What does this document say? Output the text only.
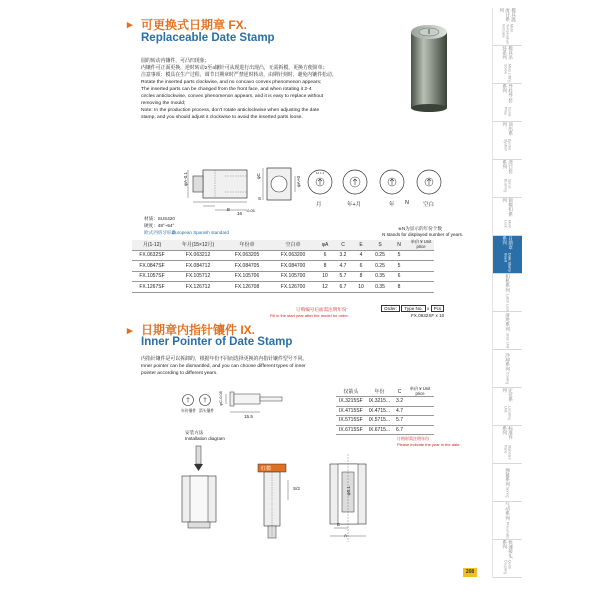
▸ 可更换式日期章 FX.
Replaceable Date Stamp
圆的转动内镶件，可凸凹现象；
内镶件可正面更换，逆时转动2至4镶针可从现进行出现凸，无需拆模，更换方便简单；
注意事项：模具在生产过程，调节日期章时严禁逆时转动，由期针刻时，避免内镶件松动。
Rotate the inserted parts clockwise, and no concavo convex phenomenon appears;
The inserted parts can be changed from the front face, and when rotating it 2-4
circles anticlockwise, convex phenomenon appears, and it is easy to replace without
removing the mould;
Note: In the production process, don't rotate anticlockwise when adjusting the date
stamp, and you should adjust it clockwise to avoid the inserted parts loose.
φA-0.1
E
S
16 -0.05
φC	φA+0
12 1 2
月	年+月	年 N	空白
材质：SUS420
硬度：48°~54°
欧式西班牙标准
European Spanish standard
※N为显示的年份个数
N stands for displayed number of years.
月(1-12)	年月(15×12月)	年份章	空白章	φA	C	E	S	N	单价 ¥ Unit price
FX.0632SF	FX.063212	FX.063205	FX.063200	6	3.2	4	0.25	5	
FX.0847SF	FX.084712	FX.084705	FX.084700	8	4.7	6	0.25	5	
FX.1057SF	FX.105712	FX.105706	FX.105700	10	5.7	8	0.35	6	
FX.1267SF	FX.126712	FX.126708	FX.126700	12	6.7	10	0.35	8	
订购编号后面需注明年份
Fill in the start year after the model for order.
Order: Type No. x Pcs
FX.0632SF x 10
▸ 日期章内指针镶件 IX.
Inner Pointer of Date Stamp
内指针镶件是可以拆卸的，根据年份不同而选择更换的内指针镶件型号不同。
Inner pointer can be dismantled, and you can choose different types of inner
pointer according to different years.
年份镶件 箭头镶件
φC-0.05
15.5
仅箭头	年份	C	单价 ¥ Unit price
IX.3215SF	IX.3215...	3.2	
IX.4715SF	IX.4715...	4.7	
IX.5715SF	IX.5715...	5.7	
IX.6715SF	IX.6715...	6.7	
订购时需注明年份
Please indicate the year in the date.
安装方法
Installation diagram
红模
S/2	φ0.1
E
A
模具温度计系列
Mold Temperature Indicator
模具吊环系列
Mold Lifting Screw
导柱导套系列
Guide Pillar
顶出系列
Ejector System
浇口套系列
Sprue Bushing
锁模扣系列
Mold Lock
日期章系列
Date Stamp Insert
扣机系列
Latch Lock
滑块系列
Slide Unit
冷却系列
Cooling
定位系列
Locating Unit
标准件系列
Standard Parts
弹簧系列
Spring
气动系列
Pneumatic
快速接头系列
Quick Coupling
208
